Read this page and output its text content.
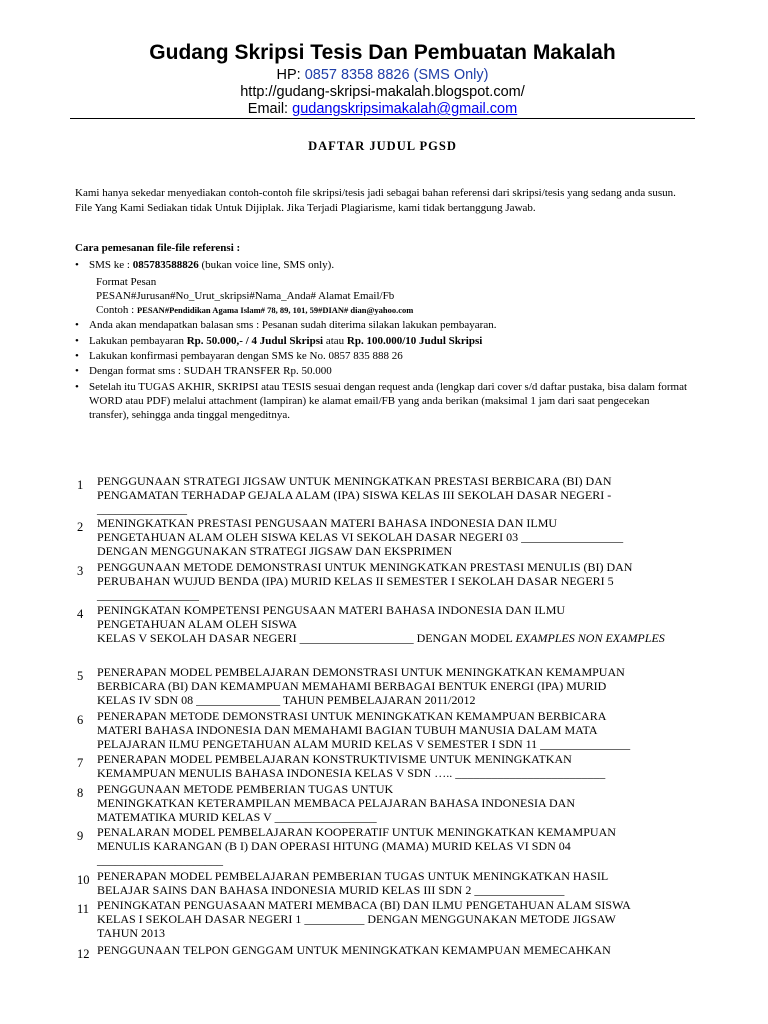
Gudang Skripsi Tesis Dan Pembuatan Makalah
HP: 0857 8358 8826 (SMS Only)
http://gudang-skripsi-makalah.blogspot.com/
Email: gudangskripsimakalah@gmail.com
DAFTAR JUDUL PGSD
Kami hanya sekedar menyediakan contoh-contoh file skripsi/tesis jadi sebagai bahan referensi dari skripsi/tesis yang sedang anda susun. File Yang Kami Sediakan tidak Untuk Dijiplak. Jika Terjadi Plagiarisme, kami tidak bertanggung Jawab.
Cara pemesanan file-file referensi :
• SMS ke : 085783588826 (bukan voice line, SMS only).
Format Pesan
PESAN#Jurusan#No_Urut_skripsi#Nama_Anda# Alamat Email/Fb
Contoh : PESAN#Pendidikan Agama Islam# 78, 89, 101, 59#DIAN# dian@yahoo.com
• Anda akan mendapatkan balasan sms : Pesanan sudah diterima silakan lakukan pembayaran.
• Lakukan pembayaran Rp. 50.000,- / 4 Judul Skripsi atau Rp. 100.000/10 Judul Skripsi
• Lakukan konfirmasi pembayaran dengan SMS ke No. 0857 835 888 26
• Dengan format sms : SUDAH TRANSFER Rp. 50.000
• Setelah itu TUGAS AKHIR, SKRIPSI atau TESIS sesuai dengan request anda (lengkap dari cover s/d daftar pustaka, bisa dalam format WORD atau PDF) melalui attachment (lampiran) ke alamat email/FB yang anda berikan (maksimal 1 jam dari saat pengecekan transfer), sehingga anda tinggal mengeditnya.
1	PENGGUNAAN STRATEGI JIGSAW UNTUK MENINGKATKAN PRESTASI BERBICARA (BI) DAN
PENGAMATAN TERHADAP GEJALA ALAM (IPA) SISWA KELAS III SEKOLAH DASAR NEGERI -
_______________
2	MENINGKATKAN PRESTASI PENGUSAAN MATERI BAHASA INDONESIA DAN ILMU
PENGETAHUAN ALAM OLEH SISWA KELAS VI SEKOLAH DASAR NEGERI 03 _________________
DENGAN MENGGUNAKAN STRATEGI JIGSAW DAN EKSPRIMEN
3	PENGGUNAAN METODE DEMONSTRASI UNTUK MENINGKATKAN PRESTASI MENULIS (BI) DAN
PERUBAHAN WUJUD BENDA (IPA) MURID KELAS II SEMESTER I SEKOLAH DASAR NEGERI 5
_________________
4	PENINGKATAN KOMPETENSI PENGUSAAN MATERI BAHASA INDONESIA DAN ILMU
PENGETAHUAN ALAM OLEH SISWA
KELAS V SEKOLAH DASAR NEGERI ___________________ DENGAN MODEL EXAMPLES NON EXAMPLES
5	PENERAPAN MODEL PEMBELAJARAN DEMONSTRASI UNTUK MENINGKATKAN KEMAMPUAN
BERBICARA (BI) DAN KEMAMPUAN MEMAHAMI BERBAGAI BENTUK ENERGI (IPA) MURID
KELAS IV SDN 08 ______________ TAHUN PEMBELAJARAN 2011/2012
6	PENERAPAN METODE DEMONSTRASI UNTUK MENINGKATKAN KEMAMPUAN BERBICARA
MATERI BAHASA INDONESIA DAN MEMAHAMI BAGIAN TUBUH MANUSIA DALAM MATA
PELAJARAN ILMU PENGETAHUAN ALAM MURID KELAS V SEMESTER I SDN 11 _______________
7	PENERAPAN MODEL PEMBELAJARAN KONSTRUKTIVISME UNTUK MENINGKATKAN
KEMAMPUAN MENULIS BAHASA INDONESIA KELAS V SDN ….. _________________________
8	PENGGUNAAN METODE PEMBERIAN TUGAS UNTUK
MENINGKATKAN KETERAMPILAN MEMBACA PELAJARAN BAHASA INDONESIA DAN
MATEMATIKA MURID KELAS V _________________
9	PENALARAN MODEL PEMBELAJARAN KOOPERATIF UNTUK MENINGKATKAN KEMAMPUAN
MENULIS KARANGAN (B I) DAN OPERASI HITUNG (MAMA) MURID KELAS VI SDN 04
_____________________
10 PENERAPAN MODEL PEMBELAJARAN PEMBERIAN TUGAS UNTUK MENINGKATKAN HASIL
BELAJAR SAINS DAN BAHASA INDONESIA MURID KELAS III SDN 2 _______________
11 PENINGKATAN PENGUASAAN MATERI MEMBACA (BI) DAN ILMU PENGETAHUAN ALAM SISWA
KELAS I SEKOLAH DASAR NEGERI 1 __________ DENGAN MENGGUNAKAN METODE JIGSAW
TAHUN 2013
12 PENGGUNAAN TELPON GENGGAM UNTUK MENINGKATKAN KEMAMPUAN MEMECAHKAN
